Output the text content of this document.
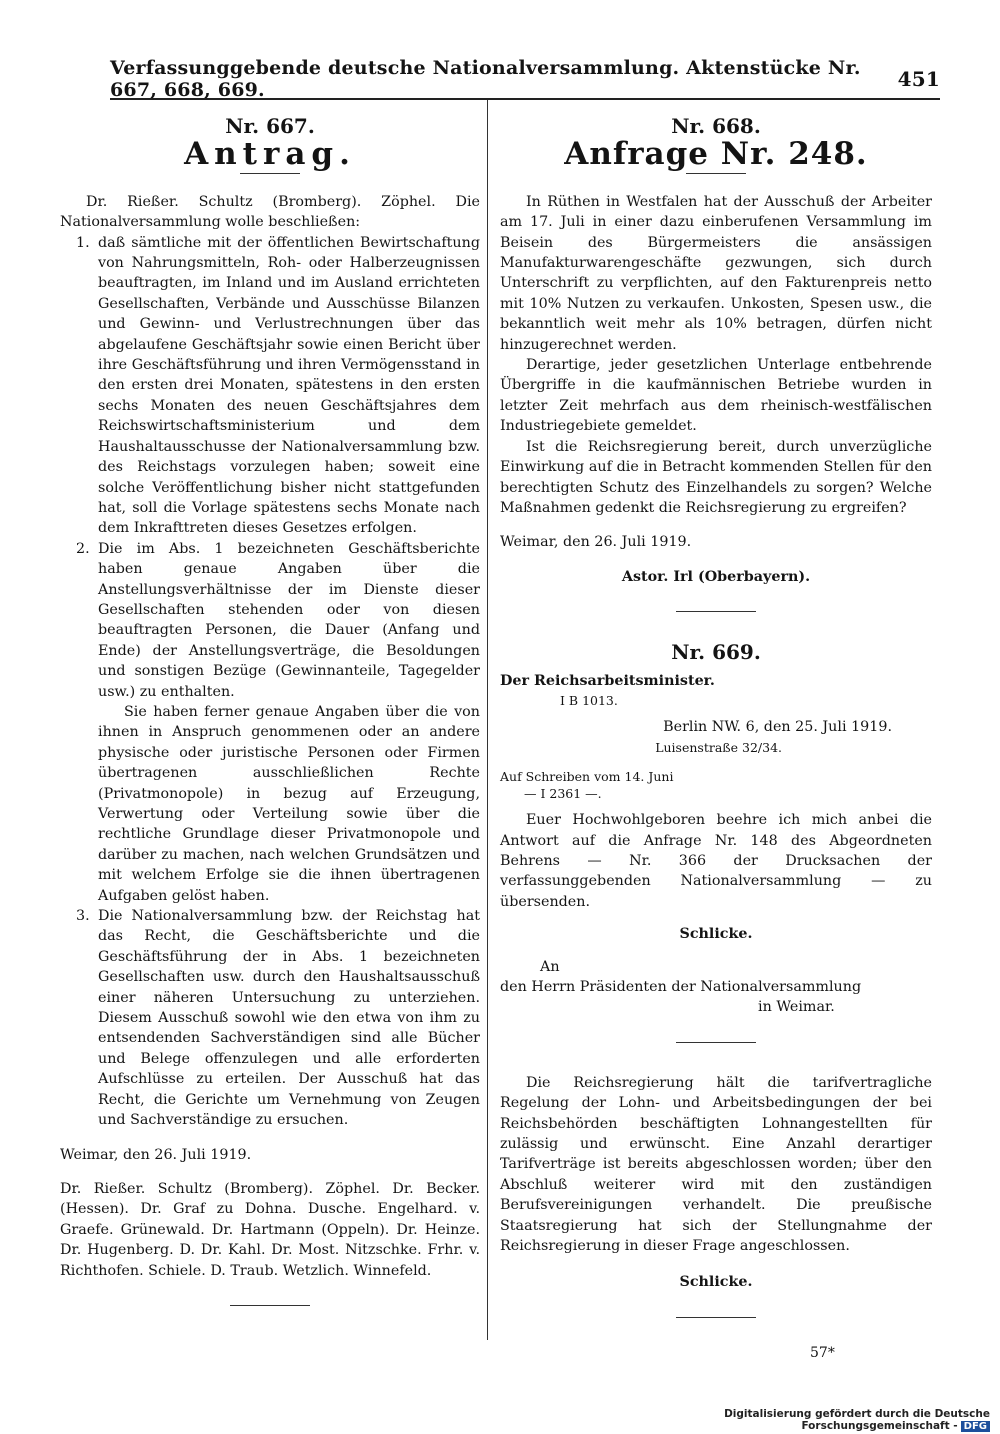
Verfassunggebende deutsche Nationalversammlung. Aktenstücke Nr. 667, 668, 669.	451
Nr. 667.
Antrag.

Dr. Rießer. Schultz (Bromberg). Zöphel. Die Nationalversammlung wolle beschließen:

1. daß sämtliche mit der öffentlichen Bewirtschaftung von Nahrungsmitteln, Roh- oder Halberzeugnissen beauftragten, im Inland und im Ausland errichteten Gesellschaften, Verbände und Ausschüsse Bilanzen und Gewinn- und Verlustrechnungen über das abgelaufene Geschäftsjahr sowie einen Bericht über ihre Geschäftsführung und ihren Vermögensstand in den ersten drei Monaten, spätestens in den ersten sechs Monaten des neuen Geschäftsjahres dem Reichswirtschaftsministerium und dem Haushaltausschusse der Nationalversammlung bzw. des Reichstags vorzulegen haben; soweit eine solche Veröffentlichung bisher nicht stattgefunden hat, soll die Vorlage spätestens sechs Monate nach dem Inkrafttreten dieses Gesetzes erfolgen.

2. Die im Abs. 1 bezeichneten Geschäftsberichte haben genaue Angaben über die Anstellungsverhältnisse der im Dienste dieser Gesellschaften stehenden oder von diesen beauftragten Personen, die Dauer (Anfang und Ende) der Anstellungsverträge, die Besoldungen und sonstigen Bezüge (Gewinnanteile, Tagegelder usw.) zu enthalten.

Sie haben ferner genaue Angaben über die von ihnen in Anspruch genommenen oder an andere physische oder juristische Personen oder Firmen übertragenen ausschließlichen Rechte (Privatmonopole) in bezug auf Erzeugung, Verwertung oder Verteilung sowie über die rechtliche Grundlage dieser Privatmonopole und darüber zu machen, nach welchen Grundsätzen und mit welchem Erfolge sie die ihnen übertragenen Aufgaben gelöst haben.

3. Die Nationalversammlung bzw. der Reichstag hat das Recht, die Geschäftsberichte und die Geschäftsführung der in Abs. 1 bezeichneten Gesellschaften usw. durch den Haushaltsausschuß einer näheren Untersuchung zu unterziehen. Diesem Ausschuß sowohl wie den etwa von ihm zu entsendenden Sachverständigen sind alle Bücher und Belege offenzulegen und alle erforderten Aufschlüsse zu erteilen. Der Ausschuß hat das Recht, die Gerichte um Vernehmung von Zeugen und Sachverständige zu ersuchen.

Weimar, den 26. Juli 1919.

Dr. Rießer. Schultz (Bromberg). Zöphel. Dr. Becker. (Hessen). Dr. Graf zu Dohna. Dusche. Engelhard. v. Graefe. Grünewald. Dr. Hartmann (Oppeln). Dr. Heinze. Dr. Hugenberg. D. Dr. Kahl. Dr. Most. Nitzschke. Frhr. v. Richthofen. Schiele. D. Traub. Wetzlich. Winnefeld.

Nr. 668.
Anfrage Nr. 248.

In Rüthen in Westfalen hat der Ausschuß der Arbeiter am 17. Juli in einer dazu einberufenen Versammlung im Beisein des Bürgermeisters die ansässigen Manufakturwarengeschäfte gezwungen, sich durch Unterschrift zu verpflichten, auf den Fakturenpreis netto mit 10% Nutzen zu verkaufen. Unkosten, Spesen usw., die bekanntlich weit mehr als 10% betragen, dürfen nicht hinzugerechnet werden.

Derartige, jeder gesetzlichen Unterlage entbehrende Übergriffe in die kaufmännischen Betriebe wurden in letzter Zeit mehrfach aus dem rheinisch-westfälischen Industriegebiete gemeldet.

Ist die Reichsregierung bereit, durch unverzügliche Einwirkung auf die in Betracht kommenden Stellen für den berechtigten Schutz des Einzelhandels zu sorgen? Welche Maßnahmen gedenkt die Reichsregierung zu ergreifen?

Weimar, den 26. Juli 1919.

Astor. Irl (Oberbayern).
Nr. 669.
Der Reichsarbeitsminister.
I B 1013.
Berlin NW. 6, den 25. Juli 1919.
Luisenstraße 32/34.
Auf Schreiben vom 14. Juni
— I 2361 —.

Euer Hochwohlgeboren beehre ich mich anbei die Antwort auf die Anfrage Nr. 148 des Abgeordneten Behrens — Nr. 366 der Drucksachen der verfassunggebenden Nationalversammlung — zu übersenden.

Schlicke.
An
den Herrn Präsidenten der Nationalversammlung
in Weimar.

Die Reichsregierung hält die tarifvertragliche Regelung der Lohn- und Arbeitsbedingungen der bei Reichsbehörden beschäftigten Lohnangestellten für zulässig und erwünscht. Eine Anzahl derartiger Tarifverträge ist bereits abgeschlossen worden; über den Abschluß weiterer wird mit den zuständigen Berufsvereinigungen verhandelt. Die preußische Staatsregierung hat sich der Stellungnahme der Reichsregierung in dieser Frage angeschlossen.

Schlicke.
57*
Digitalisierung gefördert durch die Deutsche Forschungsgemeinschaft - DFG
